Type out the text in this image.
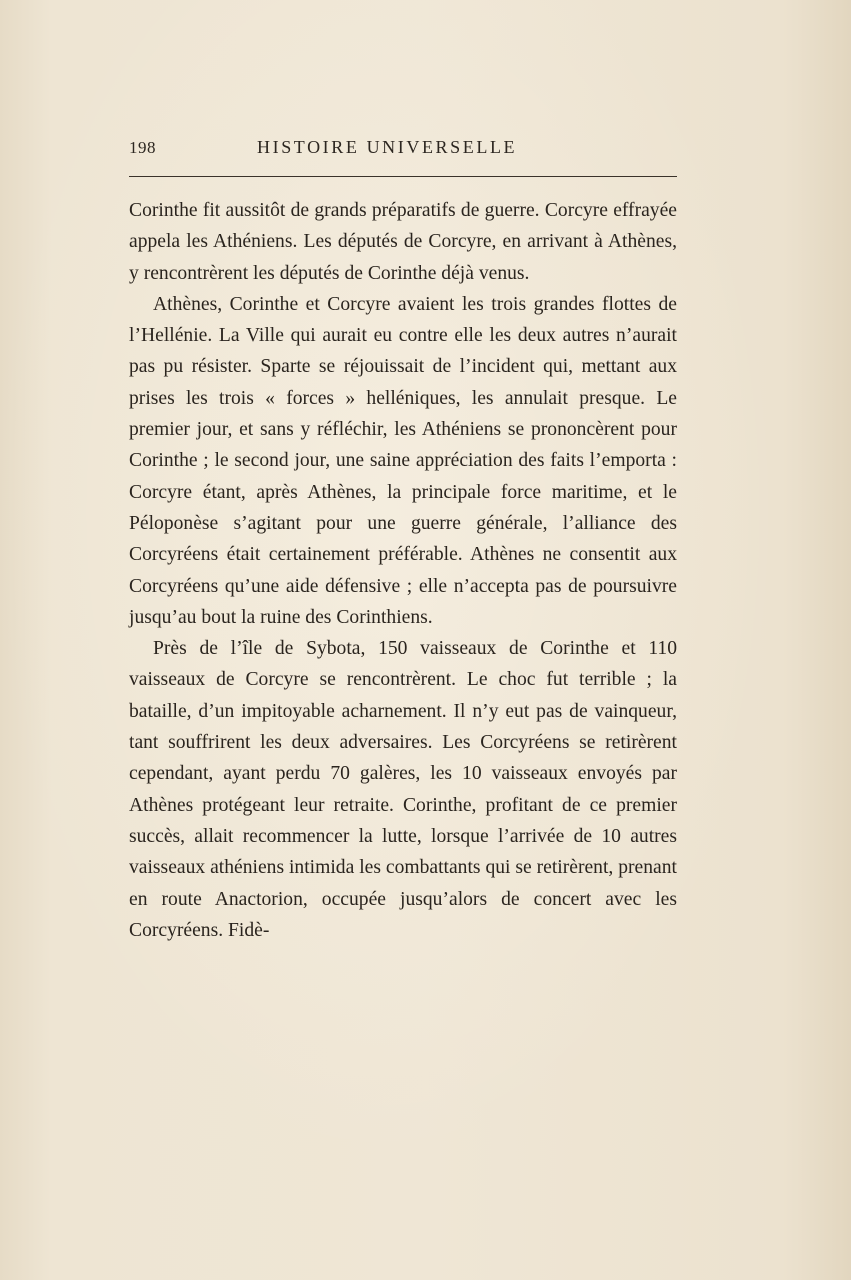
198	HISTOIRE UNIVERSELLE

Corinthe fit aussitôt de grands préparatifs de guerre. Corcyre effrayée appela les Athéniens. Les députés de Corcyre, en arrivant à Athènes, y rencontrèrent les députés de Corinthe déjà venus.

Athènes, Corinthe et Corcyre avaient les trois grandes flottes de l’Hellénie. La Ville qui aurait eu contre elle les deux autres n’aurait pas pu résister. Sparte se réjouissait de l’incident qui, mettant aux prises les trois « forces » helléniques, les annulait presque. Le premier jour, et sans y réfléchir, les Athéniens se prononcèrent pour Corinthe ; le second jour, une saine appréciation des faits l’emporta : Corcyre étant, après Athènes, la principale force maritime, et le Péloponèse s’agitant pour une guerre générale, l’alliance des Corcyréens était certainement préférable. Athènes ne consentit aux Corcyréens qu’une aide défensive ; elle n’accepta pas de poursuivre jusqu’au bout la ruine des Corinthiens.

Près de l’île de Sybota, 150 vaisseaux de Corinthe et 110 vaisseaux de Corcyre se rencontrèrent. Le choc fut terrible ; la bataille, d’un impitoyable acharnement. Il n’y eut pas de vainqueur, tant souffrirent les deux adversaires. Les Corcyréens se retirèrent cependant, ayant perdu 70 galères, les 10 vaisseaux envoyés par Athènes protégeant leur retraite. Corinthe, profitant de ce premier succès, allait recommencer la lutte, lorsque l’arrivée de 10 autres vaisseaux athéniens intimida les combattants qui se retirèrent, prenant en route Anactorion, occupée jusqu’alors de concert avec les Corcyréens. Fidè-
